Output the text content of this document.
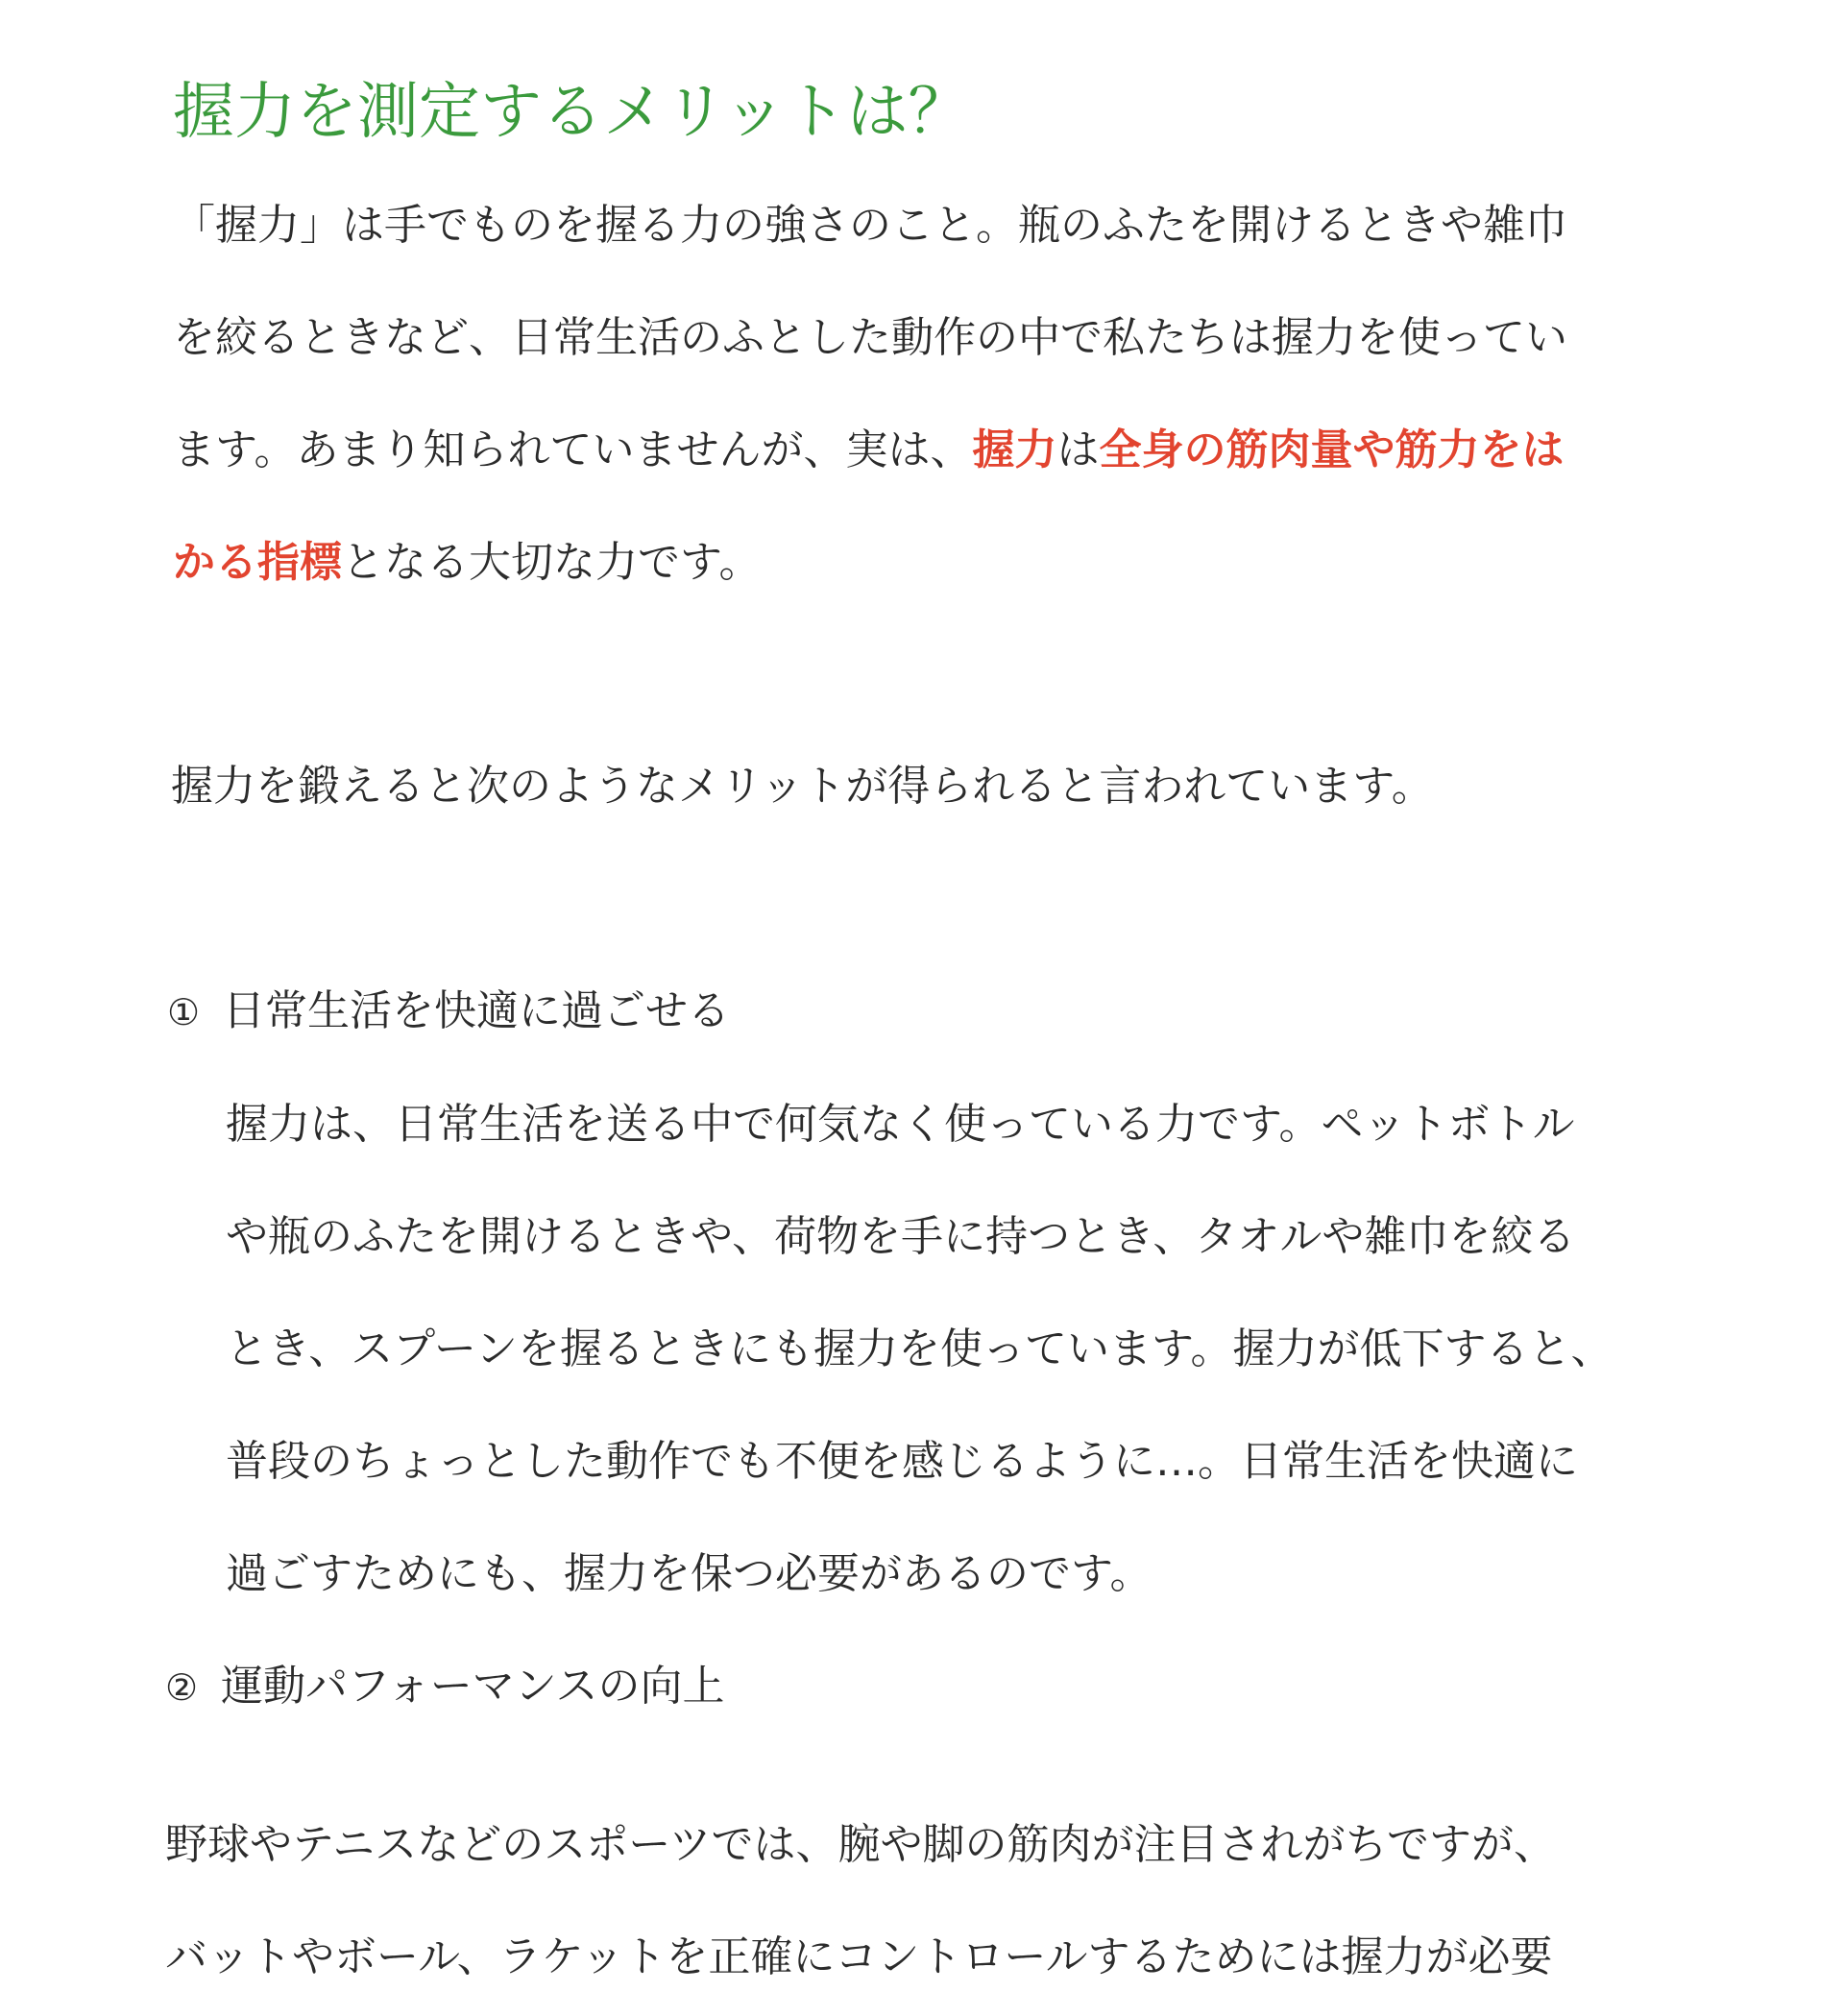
握力を測定するメリットは？

「握力」は手でものを握る力の強さのこと。瓶のふたを開けるときや雑巾
を絞るときなど、日常生活のふとした動作の中で私たちは握力を使ってい
ます。あまり知られていませんが、実は、握力は全身の筋肉量や筋力をは
かる指標となる大切な力です。

握力を鍛えると次のようなメリットが得られると言われています。

① 日常生活を快適に過ごせる

握力は、日常生活を送る中で何気なく使っている力です。ペットボトル
や瓶のふたを開けるときや、荷物を手に持つとき、タオルや雑巾を絞る
とき、スプーンを握るときにも握力を使っています。握力が低下すると、
普段のちょっとした動作でも不便を感じるように…。日常生活を快適に
過ごすためにも、握力を保つ必要があるのです。

② 運動パフォーマンスの向上

野球やテニスなどのスポーツでは、腕や脚の筋肉が注目されがちですが、
バットやボール、ラケットを正確にコントロールするためには握力が必要
